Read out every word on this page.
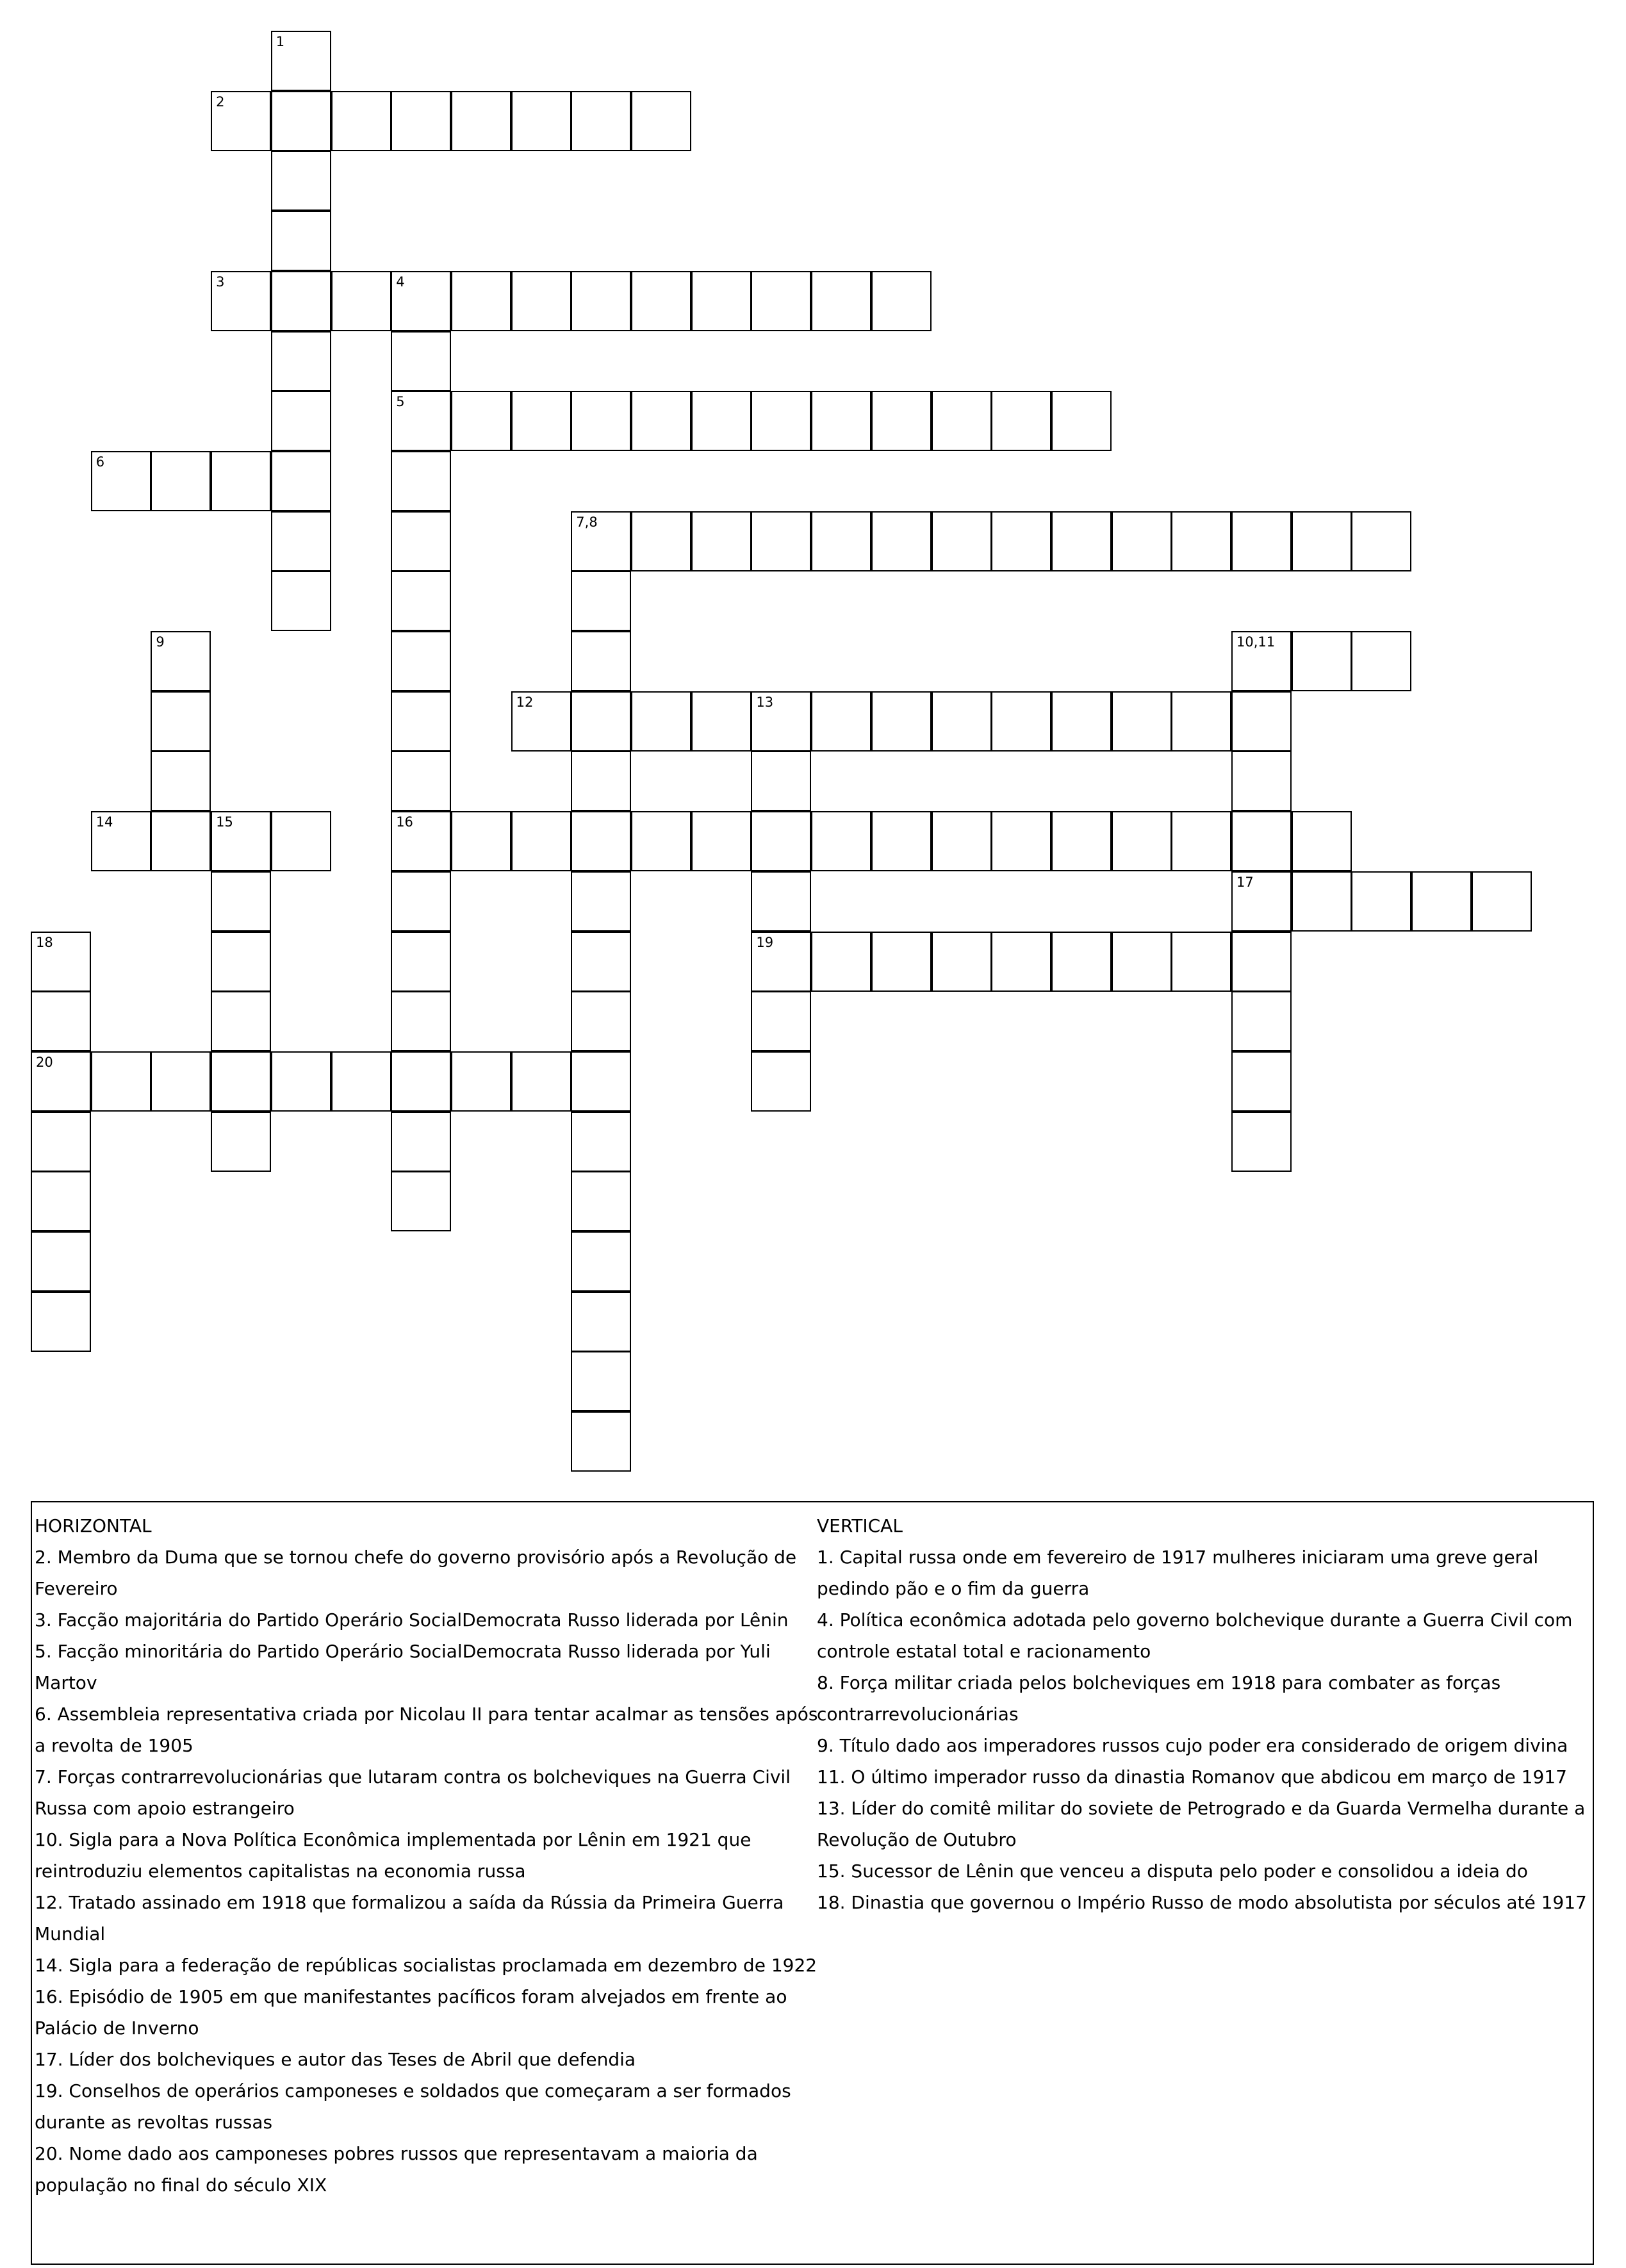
1
2
3	4
5
6
7,8
9	10,11
12	13
14	15	16
17
18	19
20

HORIZONTAL

2. Membro da Duma que se tornou chefe do governo provisório após a Revolução de Fevereiro

3. Facção majoritária do Partido Operário SocialDemocrata Russo liderada por Lênin

5. Facção minoritária do Partido Operário SocialDemocrata Russo liderada por Yuli Martov

6. Assembleia representativa criada por Nicolau II para tentar acalmar as tensões após a revolta de 1905

7. Forças contrarrevolucionárias que lutaram contra os bolcheviques na Guerra Civil Russa com apoio estrangeiro

10. Sigla para a Nova Política Econômica implementada por Lênin em 1921 que reintroduziu elementos capitalistas na economia russa

12. Tratado assinado em 1918 que formalizou a saída da Rússia da Primeira Guerra Mundial

14. Sigla para a federação de repúblicas socialistas proclamada em dezembro de 1922

16. Episódio de 1905 em que manifestantes pacíficos foram alvejados em frente ao Palácio de Inverno

17. Líder dos bolcheviques e autor das Teses de Abril que defendia

19. Conselhos de operários camponeses e soldados que começaram a ser formados durante as revoltas russas

20. Nome dado aos camponeses pobres russos que representavam a maioria da população no final do século XIX

VERTICAL

1. Capital russa onde em fevereiro de 1917 mulheres iniciaram uma greve geral pedindo pão e o fim da guerra

4. Política econômica adotada pelo governo bolchevique durante a Guerra Civil com controle estatal total e racionamento

8. Força militar criada pelos bolcheviques em 1918 para combater as forças contrarrevolucionárias

9. Título dado aos imperadores russos cujo poder era considerado de origem divina

11. O último imperador russo da dinastia Romanov que abdicou em março de 1917

13. Líder do comitê militar do soviete de Petrogrado e da Guarda Vermelha durante a Revolução de Outubro

15. Sucessor de Lênin que venceu a disputa pelo poder e consolidou a ideia do

18. Dinastia que governou o Império Russo de modo absolutista por séculos até 1917
